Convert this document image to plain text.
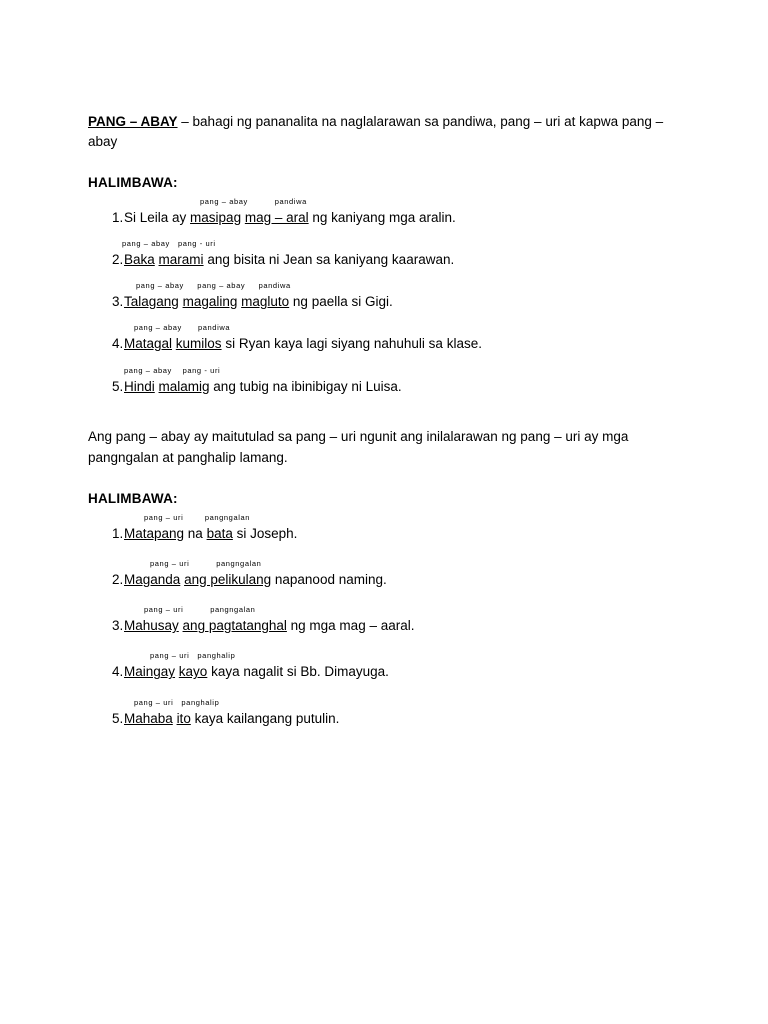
PANG – ABAY – bahagi ng pananalita na naglalarawan sa pandiwa, pang – uri at kapwa pang – abay
HALIMBAWA:
pang – abay          pandiwa
1. Si Leila ay masipag mag – aral ng kaniyang mga aralin.
pang – abay   pang - uri
2. Baka marami ang bisita ni Jean sa kaniyang kaarawan.
pang – abay     pang – abay     pandiwa
3. Talagang magaling magluto ng paella si Gigi.
pang – abay      pandiwa
4. Matagal kumilos si Ryan kaya lagi siyang nahuhuli sa klase.
pang – abay    pang - uri
5. Hindi malamig ang tubig na ibinibigay ni Luisa.
Ang pang – abay ay maitutulad sa pang – uri ngunit ang inilalarawan ng pang – uri ay mga pangngalan at panghalip lamang.
HALIMBAWA:
pang – uri        pangngalan
1. Matapang na bata si Joseph.
pang – uri          pangngalan
2. Maganda ang pelikulang napanood naming.
pang – uri          pangngalan
3. Mahusay ang pagtatanghal ng mga mag – aaral.
pang – uri   panghalip
4. Maingay kayo kaya nagalit si Bb. Dimayuga.
pang – uri   panghalip
5. Mahaba ito kaya kailangang putulin.
